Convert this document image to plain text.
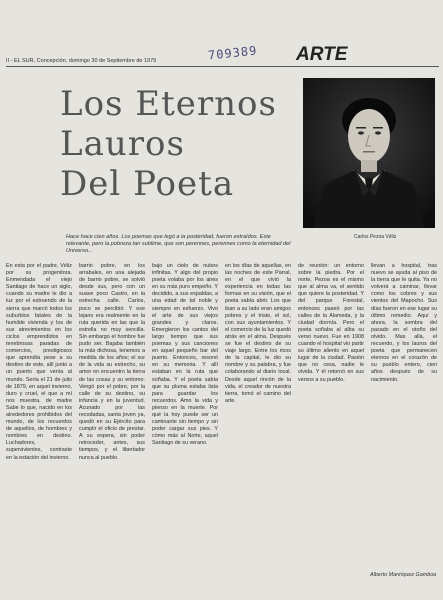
II - EL SUR, Concepción, domingo 30 de Septiembre de 1979	709389 ARTE
Los Eternos
Lauros
Del Poeta
Carlos Pezoa Véliz
Hace hace cien años. Los poemas que legó a la posteridad, fueron extraídos. Este relevante, pero la pobreza tan sublime, que son perennes, perennes como la eternidad del Universo...

En esta por el padre, Véliz por su progenitora. Enmendada el viejo Santiago de hace un siglo, cuando su madre le dio a luz por el estruendo de la sierra que marcó todos los suburbios fatales de la humilde vivienda y los de sus atrevimientos en los ciclos emprendidos en tenebrosas paradas de comercios, prestigiosos que aprendía pese a su destino de este, allí junto a un puerto que venía al mundo. Sería el 21 de julio de 1879, en aquel invierno, duro y cruel, el que a mí nos muestra, de madre Sabe lo que, nacido en los alrededores prohibidos del mundo, de los recuerdos de aquellos, de hombres y nombres en destino. Luchadores, supervivientes, contraste en la estación del invierno.

barrio pobre, en los arrabales, en una alejada de barrio pobre, se solvió desde sus, pero con un suave poco Castro, en la estrecha calle. Carlos, poco se percibió. Y ese lejano era realmente en la ruta querida en las que la estrella no muy sencilla. Sin embargo el hombre fue pudo ser. Bajaba también la más dichosa, tenemos a medida de los años; el sur de la vida su estrecho, su amor en encuentro la tierra de las cosas y su entorno. Vengó por el pobre, por la calle de su destino, su infancia y en la juventud. Acunado por las recodadas, santa joven ya, quedó en su Ejército para cumplir el oficio de prestar. A su espera, sin poder retroceder, antes, sus tiempos, y el libertador nunca al pueblo.

bajo un cielo de nubes infinitas. Y algo del propio poeta volaba por los aires en su más puro empeño. Y decidido, a sus espaldas, a una edad de tal noble y siempre en esfuerzo. Vivo el arte de sus viejos grandes y claros. Emergieron los cantos del largo tiempo que sus poemas y sus canciones en aquel pequeño bar del puerto. Entonces, resonó en su memoria. Y allí estaban en la ruta que soñaba. Y el poeta sabía que su pluma estaba lista para guardar los recuerdos. Amo la vida y pienso en la muerte. Por qué la hoy puede ser un caminante sin tiempo y sin poder cargar sus pies. Y cómo más al Norte, aquel Santiago de su verano.

en los días de aquellas, en las noches de este Parral, en el que vivió la experiencia en todas las formas en su visión, que el poeta sabía abrir. Los que iban a su lado eran amigos pobres y el triste, el sol, con sus ayuntamientos. Y el comercio de la luz quedó atrás en el alma. Después se fue el destino de su viaje largo. Entre los ricos de la capital, le dio su nombre y su palabra, y fue colaborando al diario local. Desde aquel rincón de la vida, el creador de nuestra tierra, tomó el camino del arte.

de reunión: un entorno sobre la piedra. Por el norte, Pezoa es el mismo que al alma va, el sentido que quiere la posteridad. Y del parque Forestal, entonces paseó por las calles de la Alameda, y la ciudad dormía. Pero el poeta soñaba al alba su verso nuevo. Fue en 1908 cuando el hospital vio partir su último aliento en aquel lugar de la ciudad. Pasión que no cesa, nadie le olvida. Y él retornó en sus versos a su pueblo.

llevan a hospital, tras nuevo se ayuda al piso de la tierra que le quita. Ya no volverá a caminar, llevar como los cobres y sus vientos del Mapocho. Sus días fueron en ese lugar su último remedio. Aquí y ahora, la sombra del pasado en el otoño del olvido. Mas allá, el recuerdo, y los lauros del poeta que permanecen eternos en el corazón de su pueblo entero, cien años después de su nacimiento.

Alberto Manríquez Gamboa
